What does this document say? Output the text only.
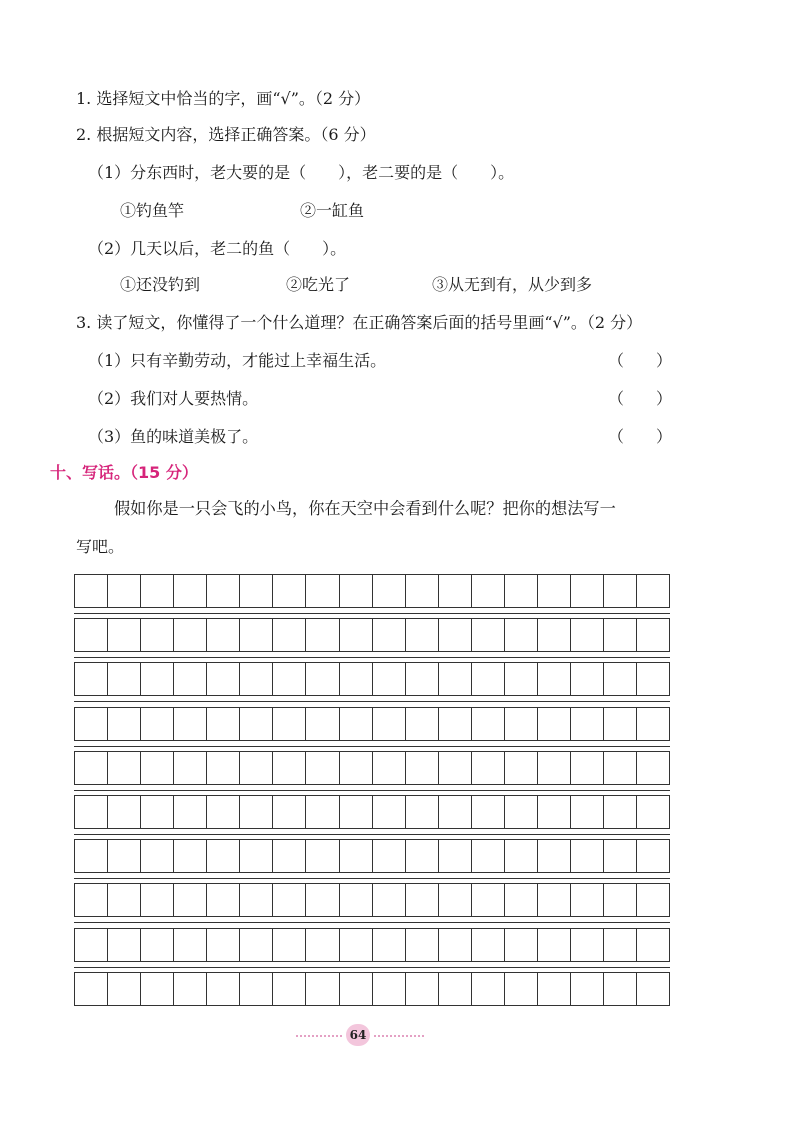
1. 选择短文中恰当的字，画“√”。（2 分）
2. 根据短文内容，选择正确答案。（6 分）
（1）分东西时，老大要的是（　　），老二要的是（　　）。
①钓鱼竿	②一缸鱼
（2）几天以后，老二的鱼（　　）。
①还没钓到	②吃光了	③从无到有，从少到多
3. 读了短文，你懂得了一个什么道理？在正确答案后面的括号里画“√”。（2 分）
（1）只有辛勤劳动，才能过上幸福生活。	（　　）
（2）我们对人要热情。	（　　）
（3）鱼的味道美极了。	（　　）
十、写话。（15 分）
假如你是一只会飞的小鸟，你在天空中会看到什么呢？把你的想法写一
写吧。
64
